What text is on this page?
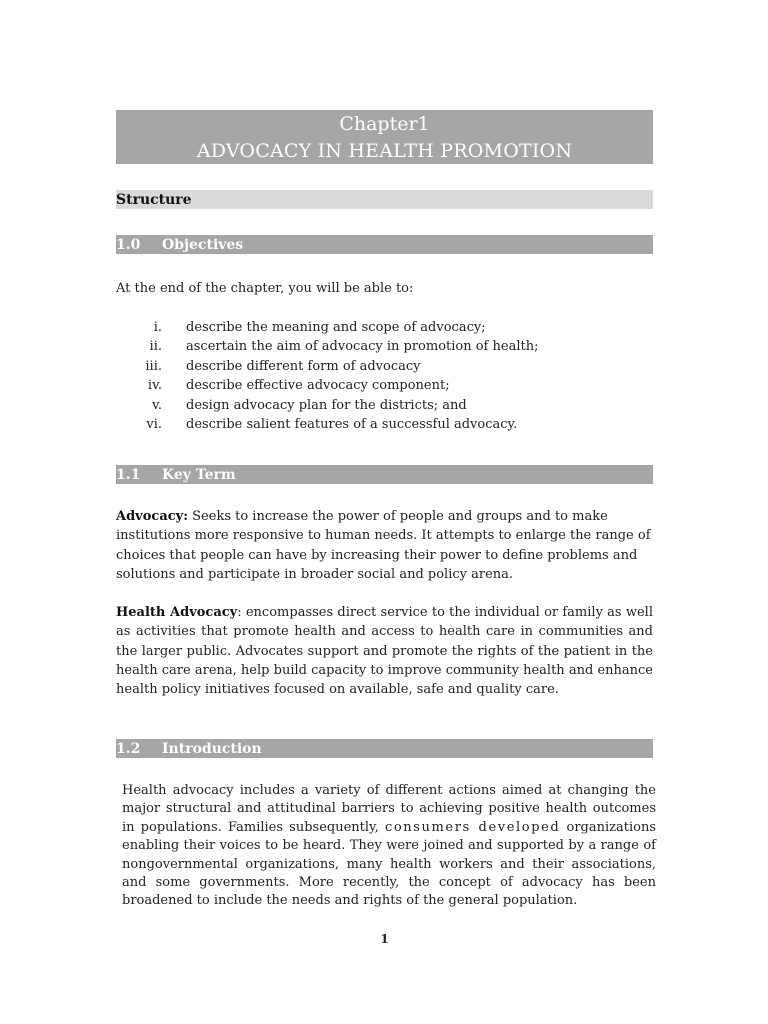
Chapter1
ADVOCACY IN HEALTH PROMOTION
Structure
1.0 Objectives
At the end of the chapter, you will be able to:
i. describe the meaning and scope of advocacy;
ii. ascertain the aim of advocacy in promotion of health;
iii. describe different form of advocacy
iv. describe effective advocacy component;
v. design advocacy plan for the districts; and
vi. describe salient features of a successful advocacy.
1.1 Key Term
Advocacy: Seeks to increase the power of people and groups and to make institutions more responsive to human needs. It attempts to enlarge the range of choices that people can have by increasing their power to define problems and solutions and participate in broader social and policy arena.
Health Advocacy: encompasses direct service to the individual or family as well as activities that promote health and access to health care in communities and the larger public. Advocates support and promote the rights of the patient in the health care arena, help build capacity to improve community health and enhance health policy initiatives focused on available, safe and quality care.
1.2 Introduction
Health advocacy includes a variety of different actions aimed at changing the major structural and attitudinal barriers to achieving positive health outcomes in populations. Families subsequently, consumers developed organizations enabling their voices to be heard. They were joined and supported by a range of nongovernmental organizations, many health workers and their associations, and some governments. More recently, the concept of advocacy has been broadened to include the needs and rights of the general population.
1
